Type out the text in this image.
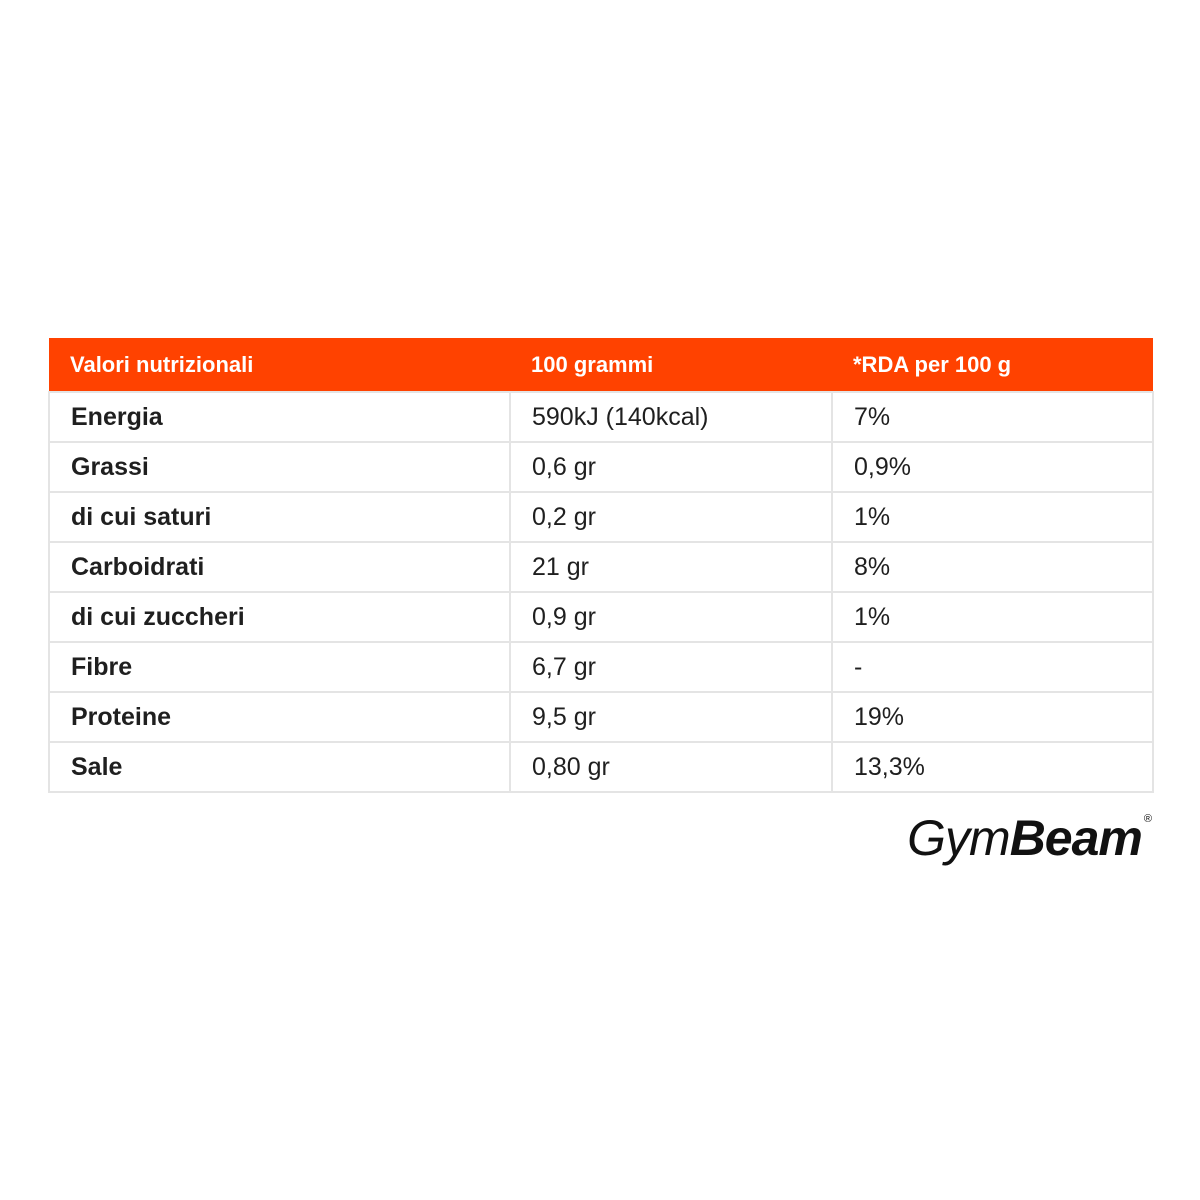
Valori nutrizionali	100 grammi	*RDA per 100 g
Energia	590kJ (140kcal)	7%
Grassi	0,6 gr	0,9%
di cui saturi	0,2 gr	1%
Carboidrati	21 gr	8%
di cui zuccheri	0,9 gr	1%
Fibre	6,7 gr	-
Proteine	9,5 gr	19%
Sale	0,80 gr	13,3%
Gym Beam ®
